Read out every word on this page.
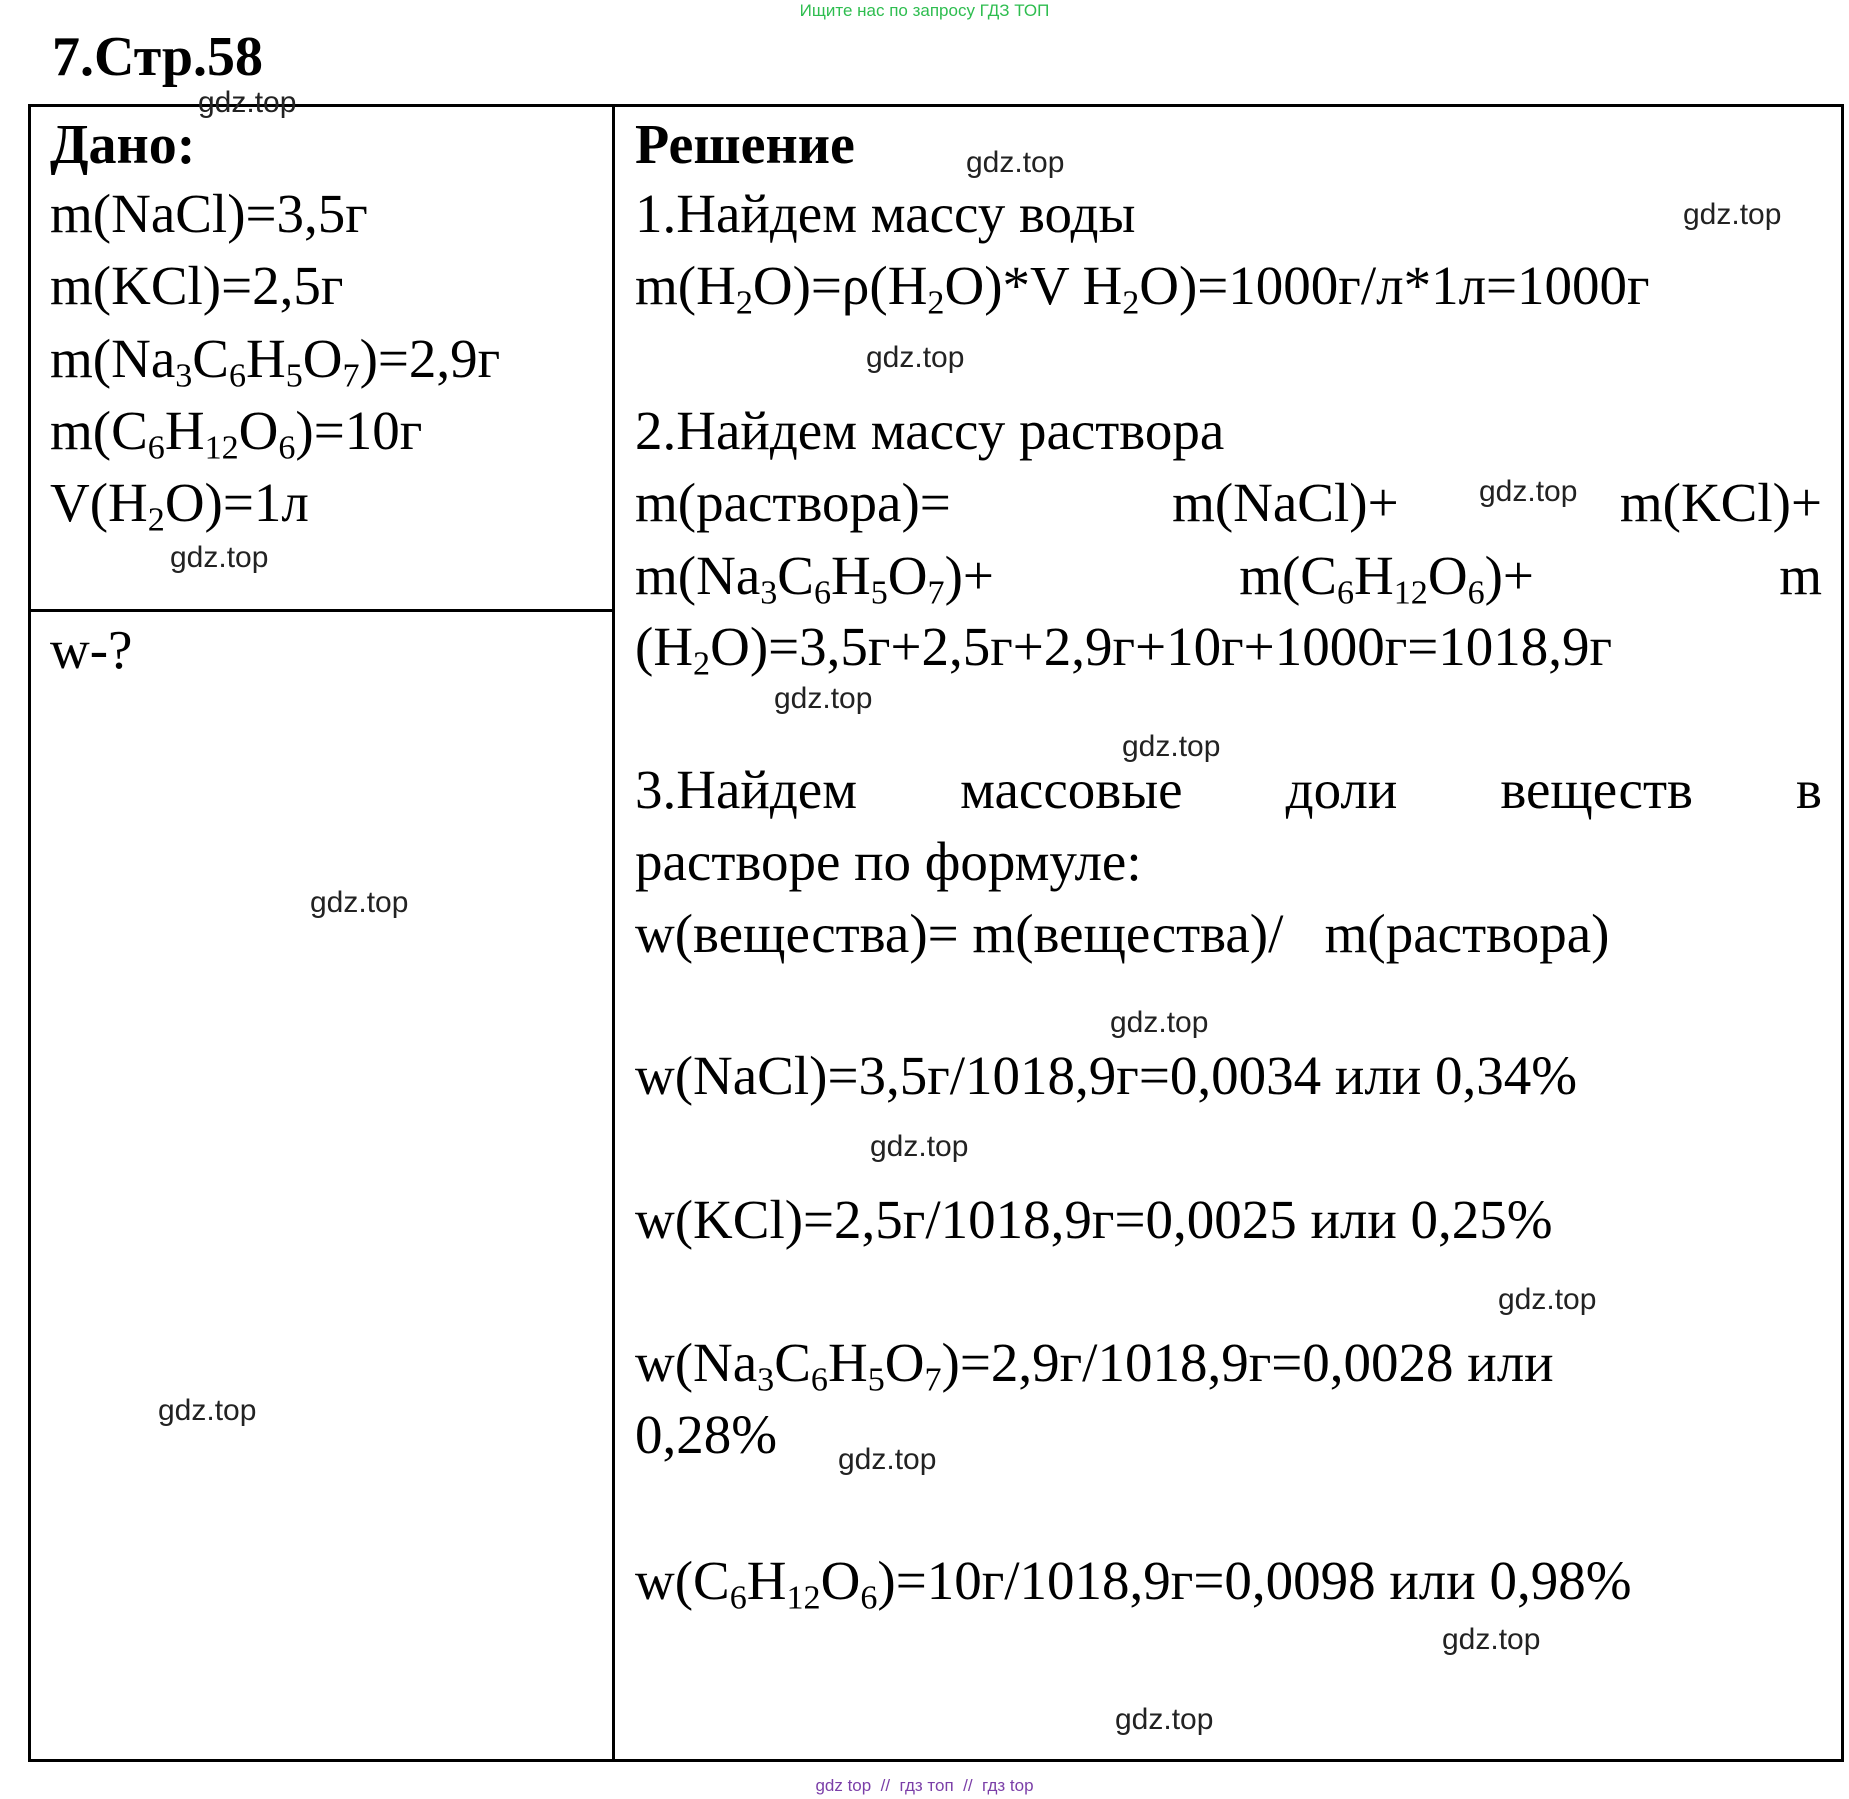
Ищите нас по запросу ГДЗ ТОП
7.Стр.58
Дано:
m(NaCl)=3,5г
m(KCl)=2,5г
$m(Na_3C_6H_5O_7)=2,9г$
$m(C_6H_{12}O_6)=10г$
$V(H_2O)=1л$
w-?
Решение
1.Найдем массу воды
$m(H_2O)=\rho(H_2O)*V$ $H_2O)=1000г/л*1л=1000г$
2.Найдем массу раствора
m(раствора)=	m(NaCl)+	m(KCl)+
$m(Na_3C_6H_5O_7)+$	$m(C_6H_{12}O_6)+$	m
$(H_2O)=3,5г+2,5г+2,9г+10г+1000г=1018,9г$
3.Найдем массовые доли веществ в
растворе по формуле:
w(вещества)= m(вещества)/   m(раствора)
w(NaCl)=3,5г/1018,9г=0,0034 или 0,34%
w(KCl)=2,5г/1018,9г=0,0025 или 0,25%
$w(Na_3C_6H_5O_7)=2,9г/1018,9г=0,0028$ или
0,28%
$w(C_6H_{12}O_6)=10г/1018,9г=0,0098$ или 0,98%
gdz.top
gdz.top
gdz.top
gdz.top
gdz.top
gdz.top
gdz.top
gdz.top
gdz.top
gdz.top
gdz.top
gdz.top
gdz.top
gdz.top
gdz.top
gdz.top
gdz top  //  гдз топ  //  гдз top
